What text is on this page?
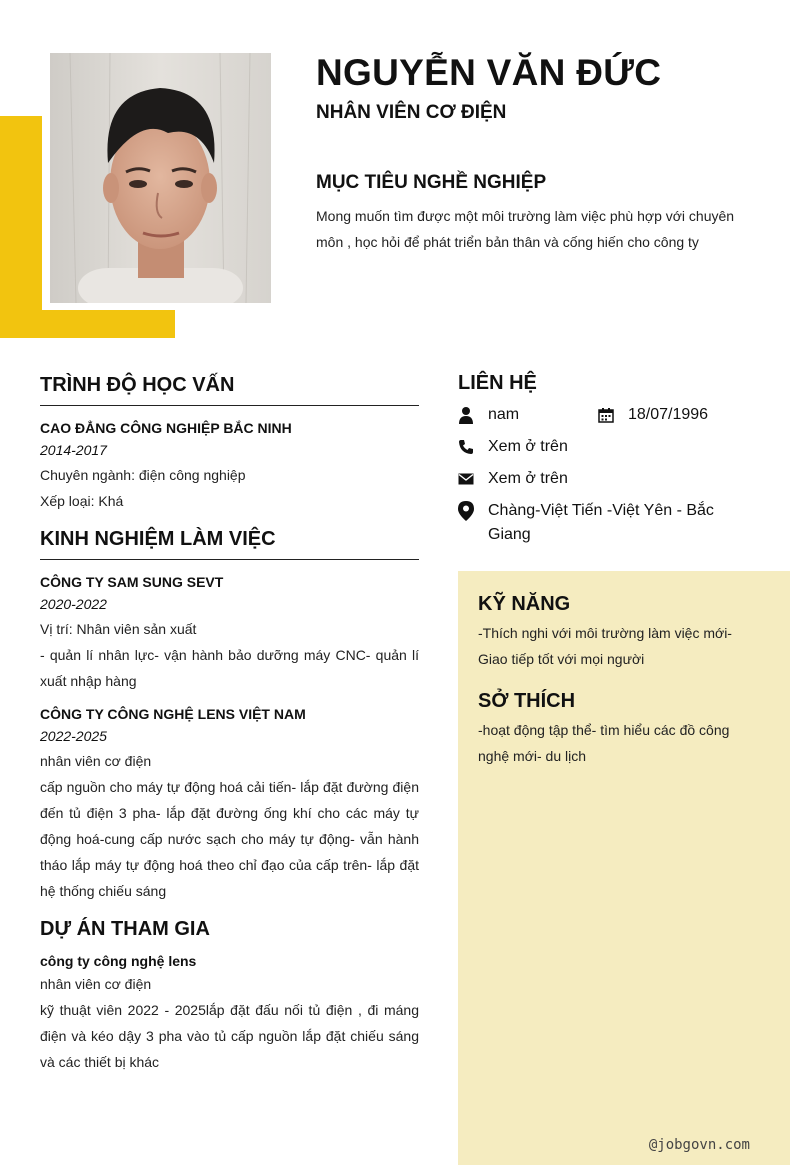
NGUYỄN VĂN ĐỨC
NHÂN VIÊN CƠ ĐIỆN
MỤC TIÊU NGHỀ NGHIỆP
Mong muốn tìm được một môi trường làm việc phù hợp với chuyên môn , học hỏi để phát triển bản thân và cống hiến cho công ty
TRÌNH ĐỘ HỌC VẤN
CAO ĐẲNG CÔNG NGHIỆP BẮC NINH
2014-2017
Chuyên ngành: điện công nghiệp
Xếp loại: Khá
KINH NGHIỆM LÀM VIỆC
CÔNG TY SAM SUNG SEVT
2020-2022
Vị trí: Nhân viên sản xuất
- quản lí nhân lực- vận hành bảo dưỡng máy CNC- quản lí xuất nhập hàng
CÔNG TY CÔNG NGHỆ LENS VIỆT NAM
2022-2025
nhân viên cơ điện
cấp nguồn cho máy tự động hoá cải tiến- lắp đặt đường điện đến tủ điện 3 pha- lắp đặt đường ống khí cho các máy tự động hoá-cung cấp nước sạch cho máy tự động- vẫn hành tháo lắp máy tự động hoá theo chỉ đạo của cấp trên- lắp đặt hệ thống chiếu sáng
DỰ ÁN THAM GIA
công ty công nghệ lens
nhân viên cơ điện
kỹ thuật viên 2022 - 2025lắp đặt đấu nối tủ điện , đi máng điện và kéo dậy 3 pha vào tủ cấp nguồn lắp đặt chiếu sáng và các thiết bị khác
LIÊN HỆ
nam	18/07/1996
Xem ở trên
Xem ở trên
Chàng-Việt Tiến -Việt Yên - Bắc Giang
KỸ NĂNG
-Thích nghi với môi trường làm việc mới- Giao tiếp tốt với mọi người
SỞ THÍCH
-hoạt động tập thể- tìm hiểu các đồ công nghệ mới- du lịch
@jobgovn.com
